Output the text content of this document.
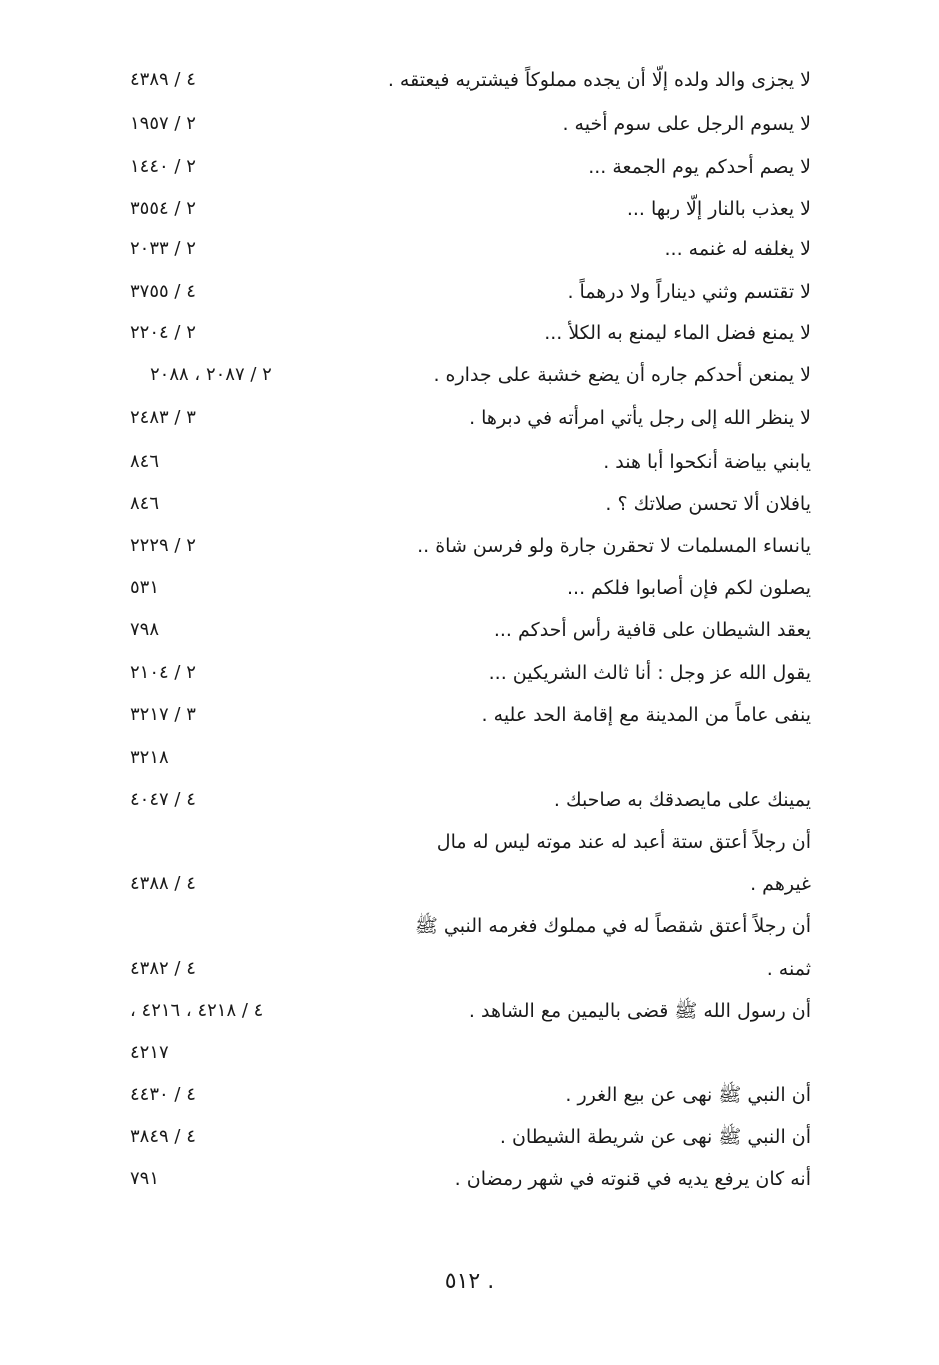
لا يجزى والد ولده إلّا أن يجده مملوكاً فيشتريه فيعتقه .
٤ / ٤٣٨٩
لا يسوم الرجل على سوم أخيه .
٢ / ١٩٥٧
لا يصم أحدكم يوم الجمعة ...
٢ / ١٤٤٠
لا يعذب بالنار إلّا ربها ...
٢ / ٣٥٥٤
لا يغلفه له غنمه ...
٢ / ٢٠٣٣
لا تقتسم وثني ديناراً ولا درهماً .
٤ / ٣٧٥٥
لا يمنع فضل الماء ليمنع به الكلأ ...
٢ / ٢٢٠٤
لا يمنعن أحدكم جاره أن يضع خشبة على جداره .
٢ / ٢٠٨٧ ، ٢٠٨٨
لا ينظر الله إلى رجل يأتي امرأته في دبرها .
٣ / ٢٤٨٣
يابني بياضة أنكحوا أبا هند .
٨٤٦
يافلان ألا تحسن صلاتك ؟ .
٨٤٦
يانساء المسلمات لا تحقرن جارة ولو فرسن شاة ..
٢ / ٢٢٢٩
يصلون لكم فإن أصابوا فلكم ...
٥٣١
يعقد الشيطان على قافية رأس أحدكم ...
٧٩٨
يقول الله عز وجل : أنا ثالث الشريكين ...
٢ / ٢١٠٤
ينفى عاماً من المدينة مع إقامة الحد عليه .
٣ / ٣٢١٧
٣٢١٨
يمينك على مايصدقك به صاحبك .
٤ / ٤٠٤٧
أن رجلاً أعتق ستة أعبد له عند موته ليس له مال
غيرهم .
٤ / ٤٣٨٨
أن رجلاً أعتق شقصاً له في مملوك فغرمه النبي ﷺ
ثمنه .
٤ / ٤٣٨٢
أن رسول الله ﷺ قضى باليمين مع الشاهد .
٤ / ٤٢١٨ ، ٤٢١٦ ،
٤٢١٧
أن النبي ﷺ نهى عن بيع الغرر .
٤ / ٤٤٣٠
أن النبي ﷺ نهى عن شريطة الشيطان .
٤ / ٣٨٤٩
أنه كان يرفع يديه في قنوته في شهر رمضان .
٧٩١
. ٥١٢
